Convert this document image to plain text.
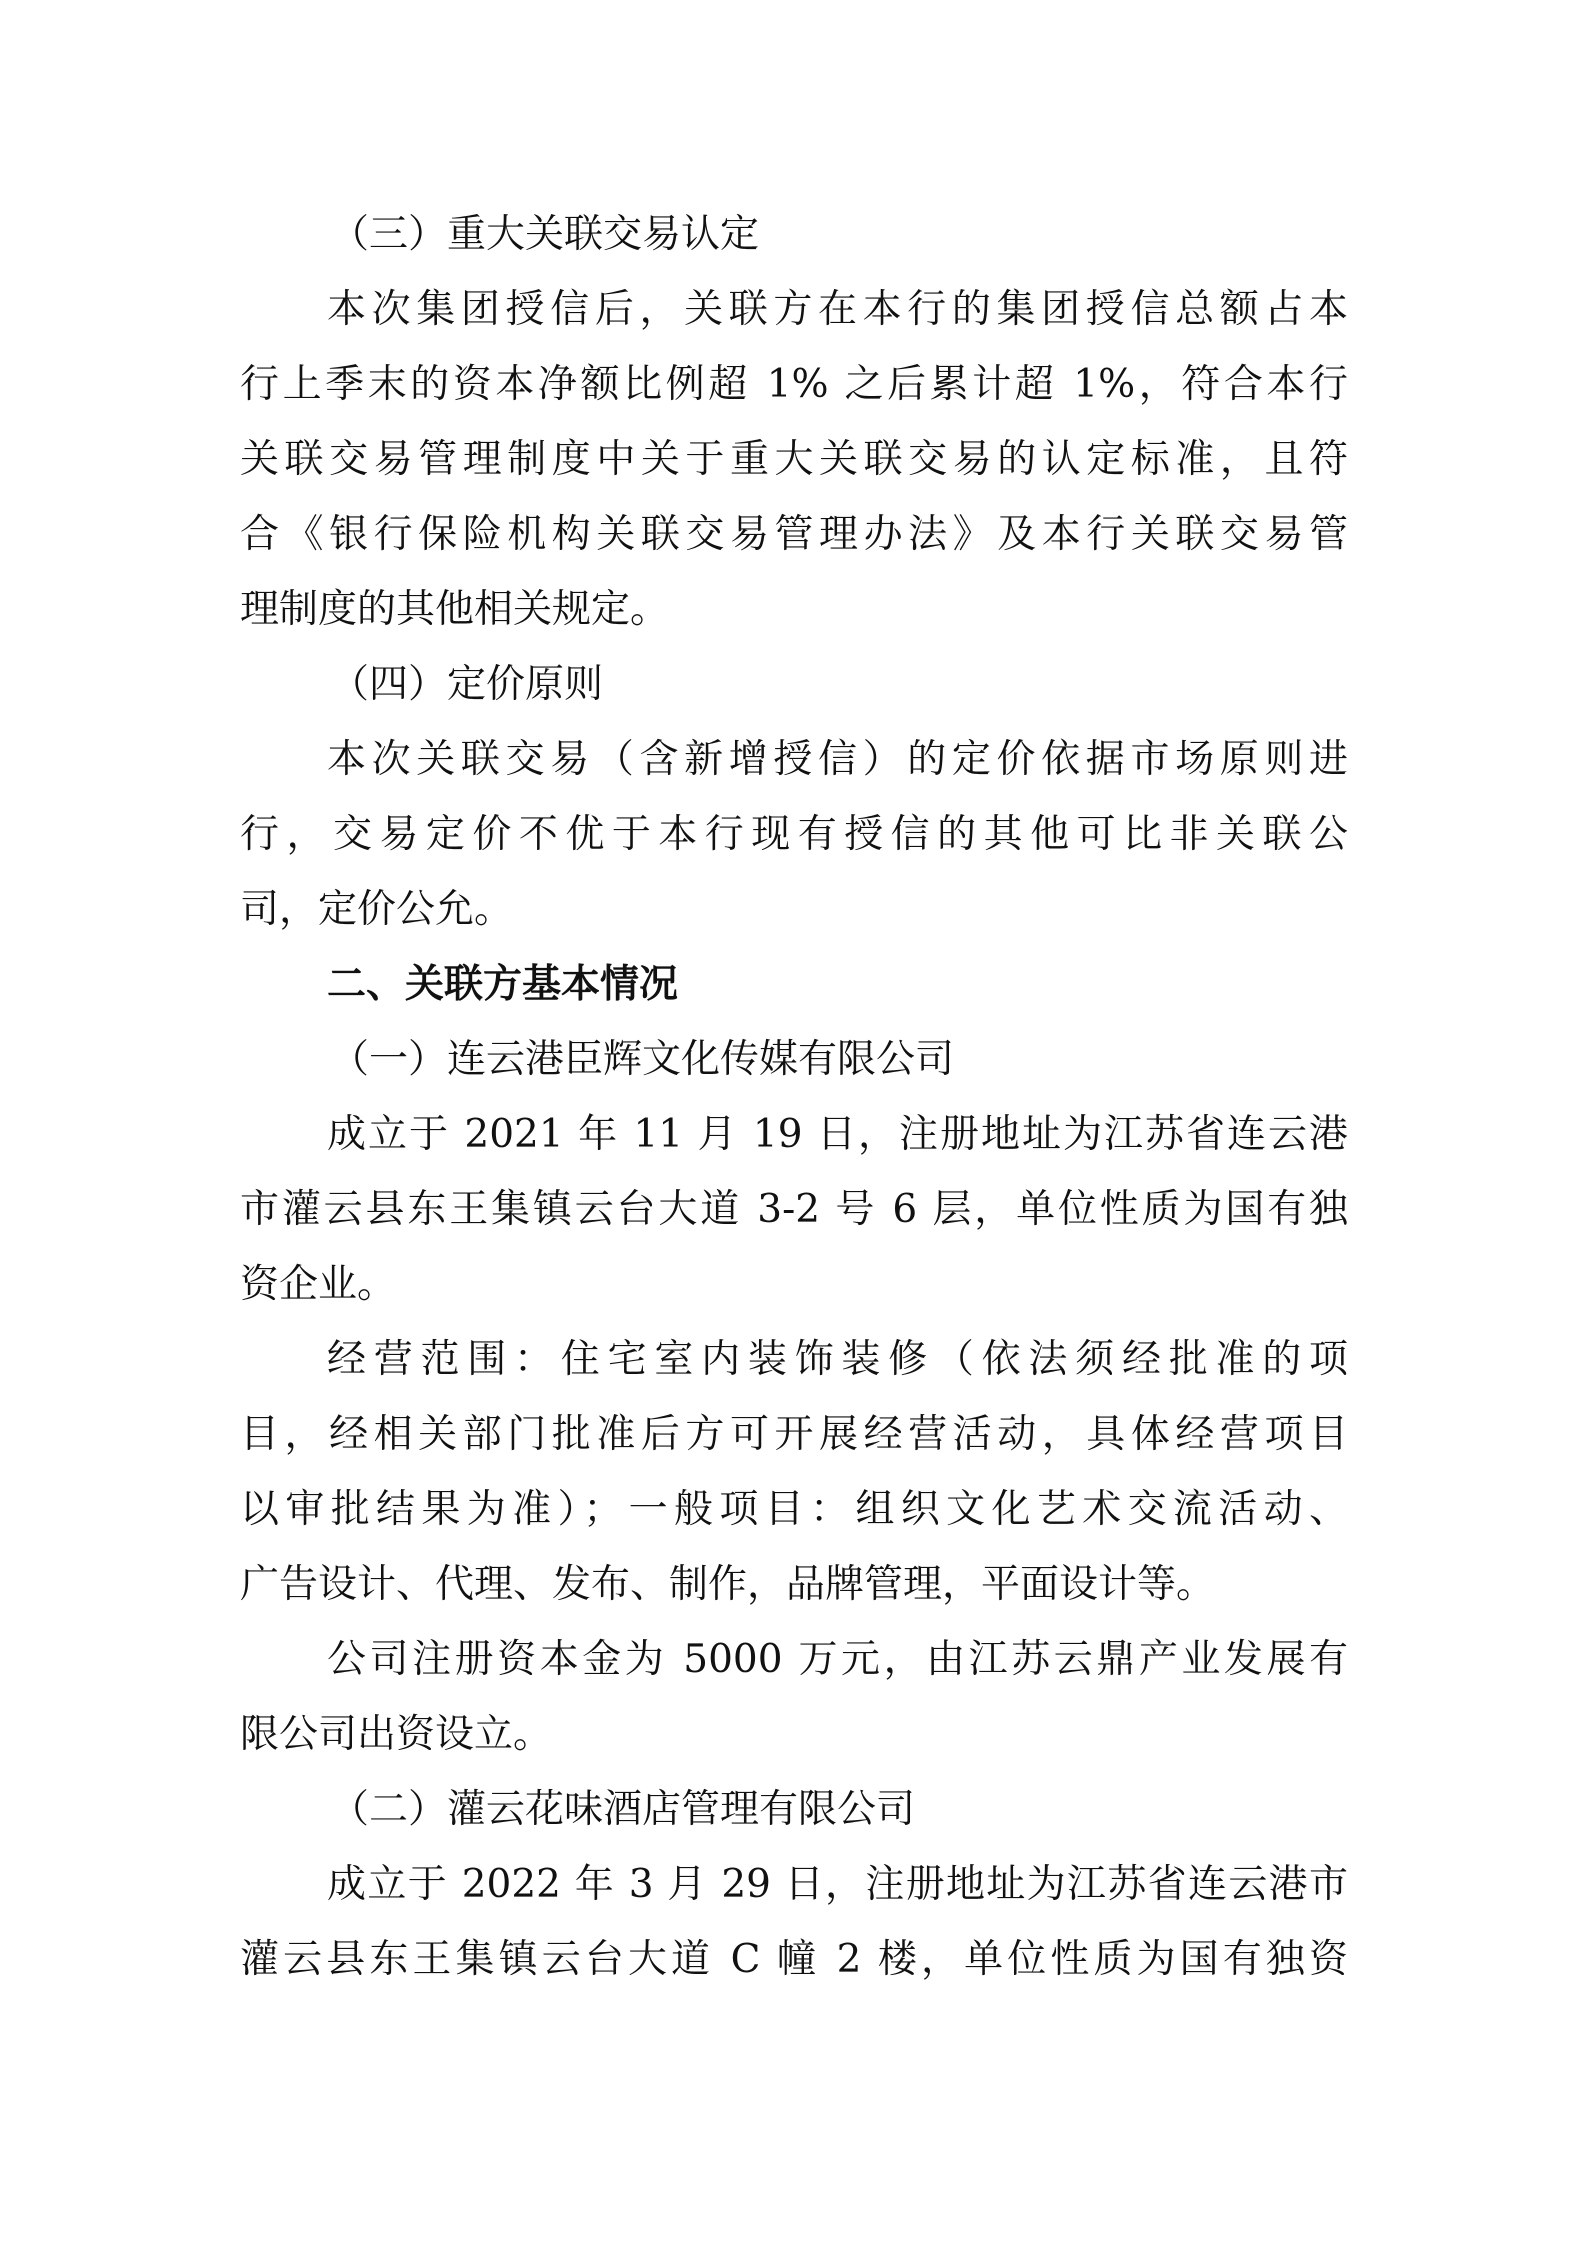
（三）重大关联交易认定
本次集团授信后，关联方在本行的集团授信总额占本
行上季末的资本净额比例超 1% 之后累计超 1%，符合本行
关联交易管理制度中关于重大关联交易的认定标准，且符
合《银行保险机构关联交易管理办法》及本行关联交易管
理制度的其他相关规定。
（四）定价原则
本次关联交易（含新增授信）的定价依据市场原则进
行，交易定价不优于本行现有授信的其他可比非关联公
司，定价公允。
二、关联方基本情况
（一）连云港臣辉文化传媒有限公司
成立于 2021 年 11 月 19 日，注册地址为江苏省连云港
市灌云县东王集镇云台大道 3-2 号 6 层，单位性质为国有独
资企业。
经营范围：住宅室内装饰装修（依法须经批准的项
目，经相关部门批准后方可开展经营活动，具体经营项目
以审批结果为准）；一般项目：组织文化艺术交流活动、
广告设计、代理、发布、制作，品牌管理，平面设计等。
公司注册资本金为 5000 万元，由江苏云鼎产业发展有
限公司出资设立。
（二）灌云花味酒店管理有限公司
成立于 2022 年 3 月 29 日，注册地址为江苏省连云港市
灌云县东王集镇云台大道 C 幢 2 楼，单位性质为国有独资
